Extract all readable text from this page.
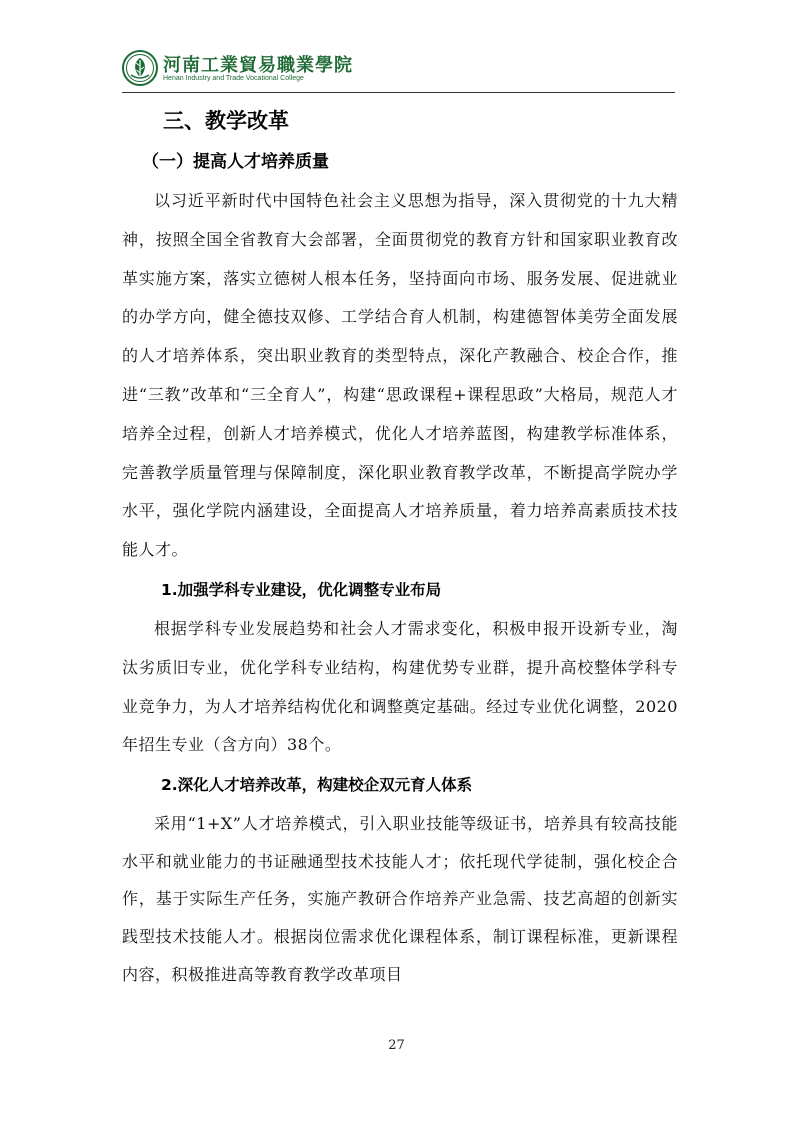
河南工業貿易職業學院
Henan Industry and Trade Vocational College
三、教学改革
（一）提高人才培养质量

以习近平新时代中国特色社会主义思想为指导，深入贯彻党的十九大精神，按照全国全省教育大会部署，全面贯彻党的教育方针和国家职业教育改革实施方案，落实立德树人根本任务，坚持面向市场、服务发展、促进就业的办学方向，健全德技双修、工学结合育人机制，构建德智体美劳全面发展的人才培养体系，突出职业教育的类型特点，深化产教融合、校企合作，推进“三教”改革和“三全育人”，构建“思政课程+课程思政”大格局，规范人才培养全过程，创新人才培养模式，优化人才培养蓝图，构建教学标准体系，完善教学质量管理与保障制度，深化职业教育教学改革，不断提高学院办学水平，强化学院内涵建设，全面提高人才培养质量，着力培养高素质技术技能人才。

1.加强学科专业建设，优化调整专业布局

根据学科专业发展趋势和社会人才需求变化，积极申报开设新专业，淘汰劣质旧专业，优化学科专业结构，构建优势专业群，提升高校整体学科专业竞争力，为人才培养结构优化和调整奠定基础。经过专业优化调整，2020年招生专业（含方向）38个。

2.深化人才培养改革，构建校企双元育人体系

采用“1+X”人才培养模式，引入职业技能等级证书，培养具有较高技能水平和就业能力的书证融通型技术技能人才；依托现代学徒制，强化校企合作，基于实际生产任务，实施产教研合作培养产业急需、技艺高超的创新实践型技术技能人才。根据岗位需求优化课程体系，制订课程标准，更新课程内容，积极推进高等教育教学改革项目

27
